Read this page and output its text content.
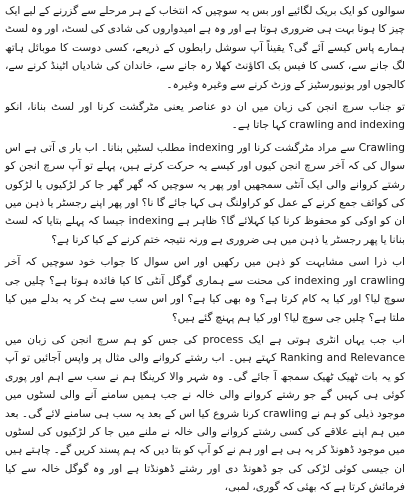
سوالوں کو ایک بریک لگائیے اور بس یہ سوچیں کہ انتخاب کے ہر مرحلے سے گزرنے کے لیے ایک چیز کا ہونا بہت ہی ضروری ہوتا ہے اور وہ ہے امیدواروں کی شادی کی لسٹ، اور وہ لسٹ ہمارے پاس کیسے آئے گی؟ یقیناً آپ سوشل رابطوں کے ذریعے، کسی دوست کا موبائل ہاتھ لگ جانے سے، کسی کا فیس بک اکاؤنٹ کھلا رہ جانے سے، خاندان کی شادیاں اٹینڈ کرنے سے، کالجوں اور یونیورسٹیز کے وزٹ کرنے سے وغیرہ وغیرہ۔

تو جناب سرچ انجن کی زبان میں ان دو عناصر یعنی مٹرگشت کرنا اور لسٹ بنانا، انکو crawling and indexing کہا جاتا ہے۔

Crawling سے مراد مٹرگشت کرنا اور indexing مطلب لسٹیں بنانا۔ اب بار ی آتی ہے اس سوال کی کہ آخر سرچ انجن کیوں اور کیسے یہ حرکت کرتے ہیں، پہلے تو آپ سرچ انجن کو رشتے کروانے والی ایک آنٹی سمجھیں اور پھر یہ سوچیں کہ گھر گھر جا کر لڑکیوں یا لڑکوں کی کوائف جمع کرنے کے عمل کو کراولنگ ہی کہا جائے گا نا؟ اور پھر اپنے رجسٹر یا ذہن میں ان کو اوکی کو محفوظ کرنا کیا کہلائے گا؟ ظاہر ہے indexing جیسا کہ پہلے بتایا کہ لسٹ بنانا یا پھر رجسٹر یا ذہن میں ہی ضروری ہے ورنہ نتیجہ ختم کرنے کے کیا کرنا ہے؟

اب ذرا اسی مشابہت کو ذہن میں رکھیں اور اس سوال کا جواب خود سوچیں کہ آخر crawling اور indexing کی محنت سے ہماری گوگل آنٹی کا کیا فائدہ ہوتا ہے؟ چلیں جی سوچ لیا؟ اور کیا یہ کام کرتا ہے؟ وہ بھی کیا ہے؟ اور اس سب سے ہٹ کر یہ بدلے میں کیا ملتا ہے؟ چلیں جی سوچ لیا؟ اور کیا ہم پہنچ گئے ہیں؟

اب جب یہاں انٹری ہوتی ہے ایک process کی جس کو ہم سرچ انجن کی زبان میں Ranking and Relevance کہتے ہیں۔ اب رشتے کروانے والی مثال پر واپس آجائیں تو آپ کو یہ بات ٹھیک ٹھیک سمجھ آ جائے گی۔ وہ شہر والا کرینگا ہم نے سب سے اہم اور پوری کوئی ہی کہیں گے جو رشتے کروانے والی خالہ نے جب ہمیں سامنے آنے والی لسٹوں میں موجود ذیلی کو ہم نے crawling کرنا شروع کیا اس کے بعد یہ سب ہی سامنے لائے گی۔ بعد میں ہم اپنے علاقے کی کسی رشتے کروانے والی خالہ نے ملنے میں جا کر لڑکیوں کی لسٹوں میں موجود ڈھونڈ کر یہ ہی ہے اور ہم نے کو آپ کو بتا دیں کہ ہم پسند کریں گے۔ چاہتے ہیں ان جیسی کوئی لڑکی کی جو ڈھونڈ دی اور رشتے ڈھونڈتا ہے اور وہ گوگل خالہ سے کیا فرمائش کرتا ہے کہ بھئی کہ گوری، لمبی،
